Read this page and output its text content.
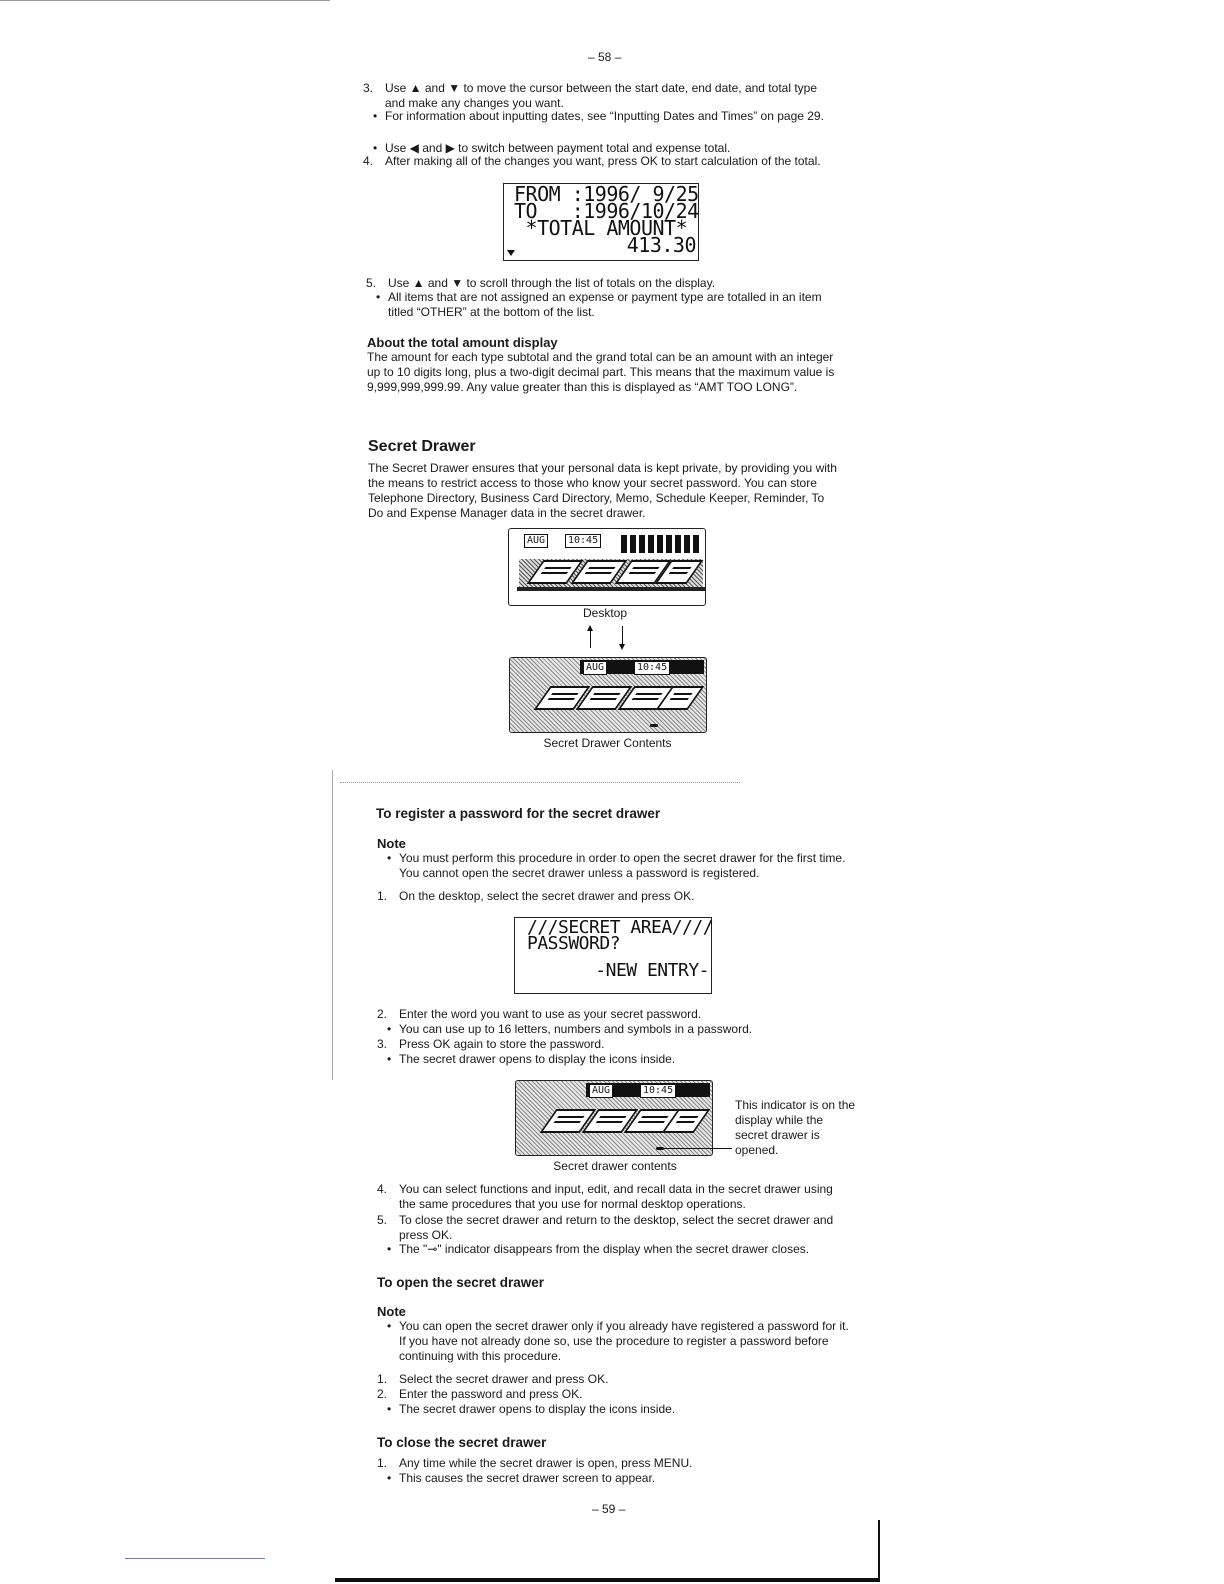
– 58 –
3. Use ▲ and ▼ to move the cursor between the start date, end date, and total type and make any changes you want.
• For information about inputting dates, see “Inputting Dates and Times” on page 29.
• Use ◀ and ▶ to switch between payment total and expense total.
4. After making all of the changes you want, press OK to start calculation of the total.
FROM :1996/ 9/25
TO   :1996/10/24
*TOTAL AMOUNT*
413.30
5. Use ▲ and ▼ to scroll through the list of totals on the display.
• All items that are not assigned an expense or payment type are totalled in an item titled “OTHER” at the bottom of the list.
About the total amount display
The amount for each type subtotal and the grand total can be an amount with an integer up to 10 digits long, plus a two-digit decimal part. This means that the maximum value is 9,999,999,999.99. Any value greater than this is displayed as “AMT TOO LONG”.
Secret Drawer
The Secret Drawer ensures that your personal data is kept private, by providing you with the means to restrict access to those who know your secret password. You can store Telephone Directory, Business Card Directory, Memo, Schedule Keeper, Reminder, To Do and Expense Manager data in the secret drawer.
AUG	10:45
Desktop
AUG	10:45
Secret Drawer Contents
To register a password for the secret drawer
Note
• You must perform this procedure in order to open the secret drawer for the first time. You cannot open the secret drawer unless a password is registered.
1. On the desktop, select the secret drawer and press OK.
///SECRET AREA////
PASSWORD?
-NEW ENTRY-
2. Enter the word you want to use as your secret password.
• You can use up to 16 letters, numbers and symbols in a password.
3. Press OK again to store the password.
• The secret drawer opens to display the icons inside.
AUG	10:45
This indicator is on the display while the secret drawer is opened.
Secret drawer contents
4. You can select functions and input, edit, and recall data in the secret drawer using the same procedures that you use for normal desktop operations.
5. To close the secret drawer and return to the desktop, select the secret drawer and press OK.
• The "⊸" indicator disappears from the display when the secret drawer closes.
To open the secret drawer
Note
• You can open the secret drawer only if you already have registered a password for it. If you have not already done so, use the procedure to register a password before continuing with this procedure.
1. Select the secret drawer and press OK.
2. Enter the password and press OK.
• The secret drawer opens to display the icons inside.
To close the secret drawer
1. Any time while the secret drawer is open, press MENU.
• This causes the secret drawer screen to appear.
– 59 –
